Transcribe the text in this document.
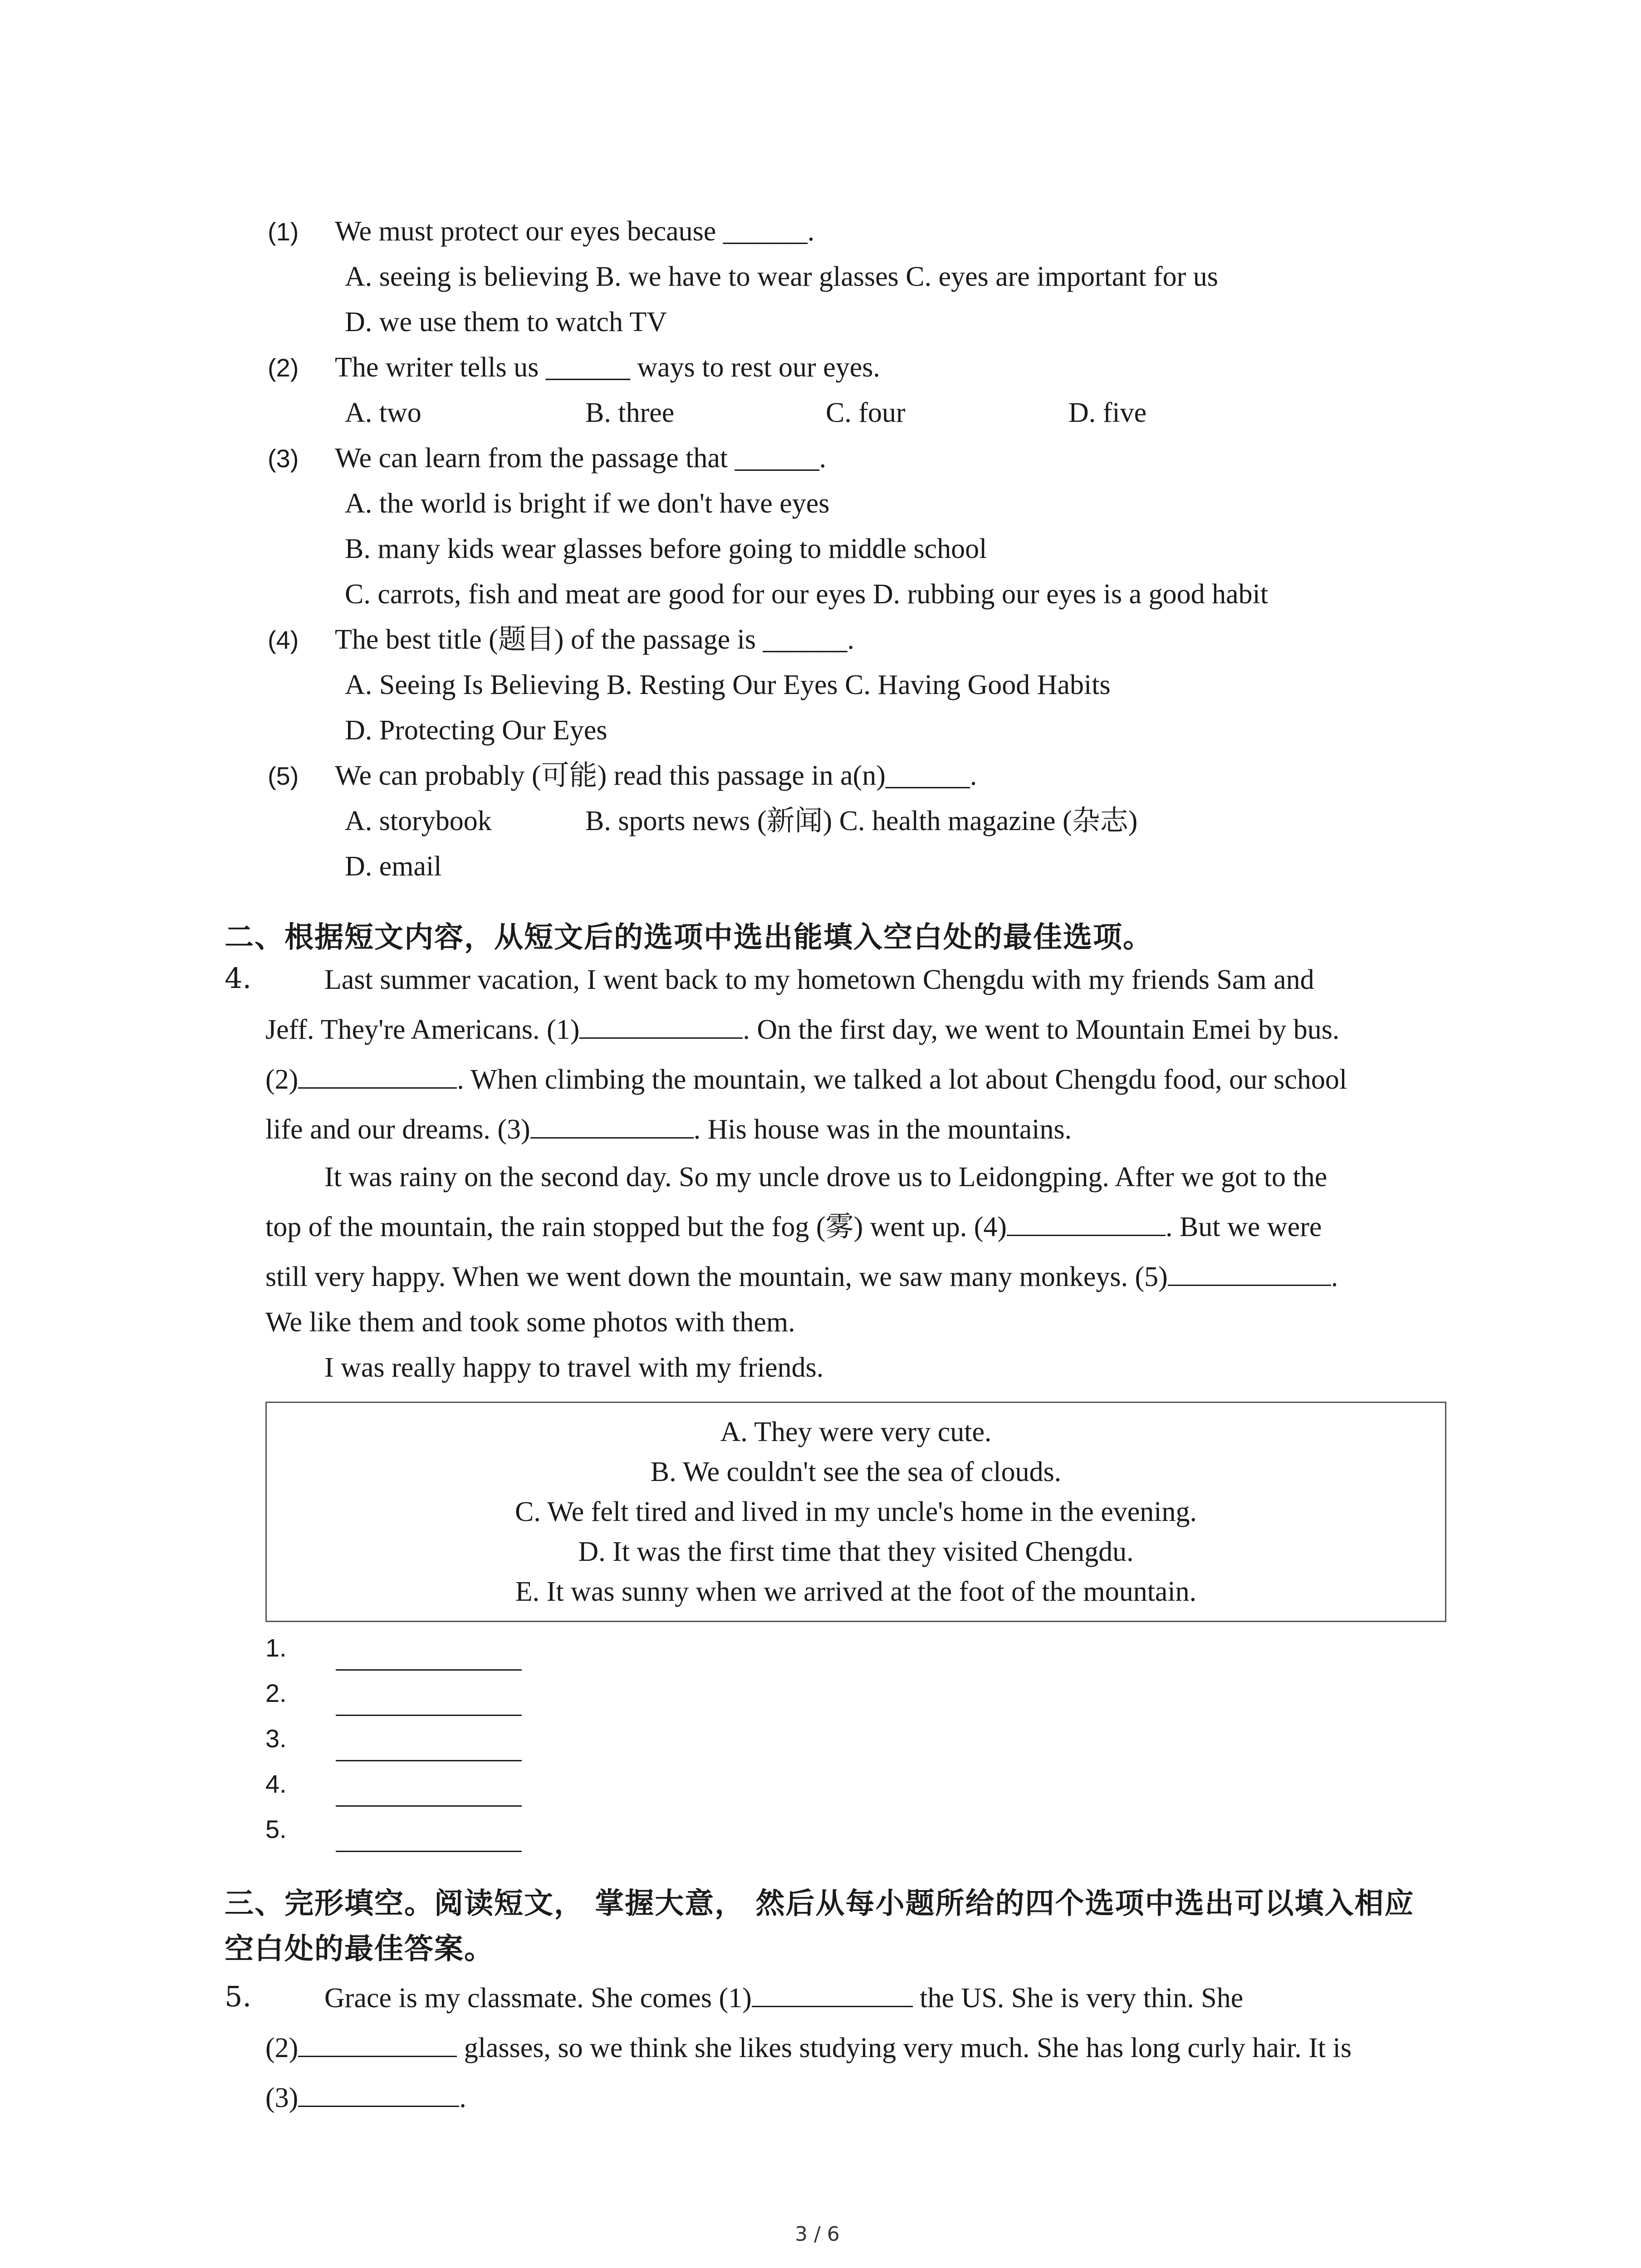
(1) We must protect our eyes because ______.
A. seeing is believing B. we have to wear glasses C. eyes are important for us
D. we use them to watch TV
(2) The writer tells us ______ ways to rest our eyes.
A. two	B. three	C. four	D. five
(3) We can learn from the passage that ______.
A. the world is bright if we don't have eyes
B. many kids wear glasses before going to middle school
C. carrots, fish and meat are good for our eyes D. rubbing our eyes is a good habit
(4) The best title (题目) of the passage is ______.
A. Seeing Is Believing B. Resting Our Eyes C. Having Good Habits
D. Protecting Our Eyes
(5) We can probably (可能) read this passage in a(n)______.
A. storybook	B. sports news (新闻) C. health magazine (杂志)
D. email
二、根据短文内容，从短文后的选项中选出能填入空白处的最佳选项。
4.	Last summer vacation, I went back to my hometown Chengdu with my friends Sam and
Jeff. They're Americans. (1)	. On the first day, we went to Mountain Emei by bus.
(2)	. When climbing the mountain, we talked a lot about Chengdu food, our school
life and our dreams. (3)	. His house was in the mountains.
It was rainy on the second day. So my uncle drove us to Leidongping. After we got to the
top of the mountain, the rain stopped but the fog (雾) went up. (4)	. But we were
still very happy. When we went down the mountain, we saw many monkeys. (5)	.
We like them and took some photos with them.
I was really happy to travel with my friends.
A. They were very cute.
B. We couldn't see the sea of clouds.
C. We felt tired and lived in my uncle's home in the evening.
D. It was the first time that they visited Chengdu.
E. It was sunny when we arrived at the foot of the mountain.
1.
2.
3.
4.
5.
三、完形填空。阅读短文， 掌握大意， 然后从每小题所给的四个选项中选出可以填入相应
空白处的最佳答案。
5.	Grace is my classmate. She comes (1)	the US. She is very thin. She
(2)	glasses, so we think she likes studying very much. She has long curly hair. It is
(3)	.
3 / 6
